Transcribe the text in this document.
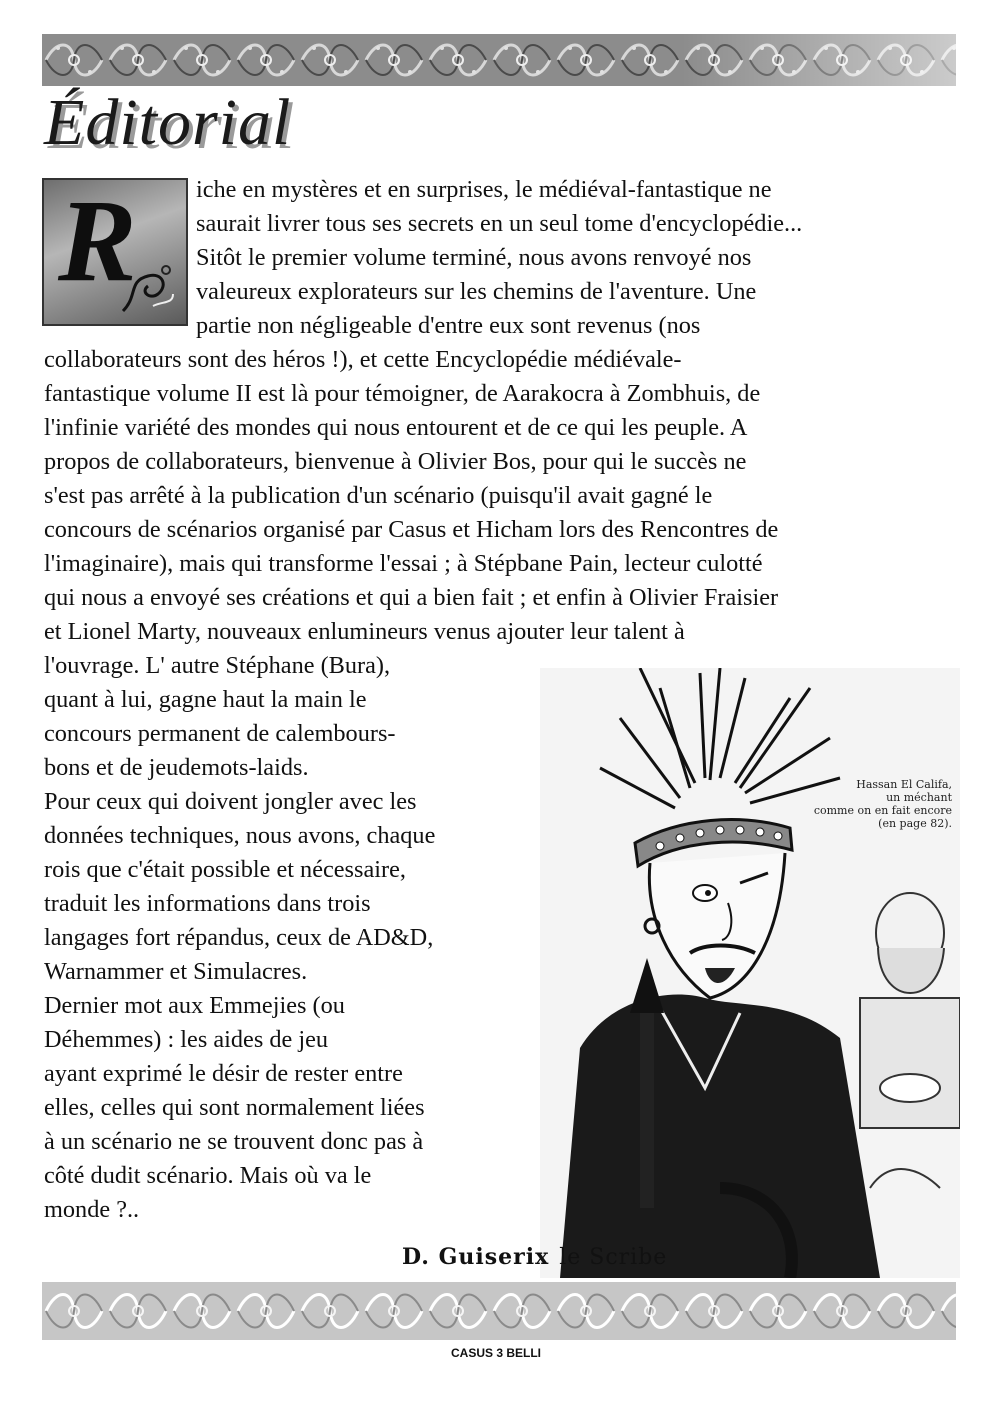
Éditorial
R iche en mystères et en surprises, le médiéval-fantastique ne
saurait livrer tous ses secrets en un seul tome d'encyclopédie...
Sitôt le premier volume terminé, nous avons renvoyé nos
valeureux explorateurs sur les chemins de l'aventure. Une
partie non négligeable d'entre eux sont revenus (nos
collaborateurs sont des héros !), et cette Encyclopédie médiévale-
fantastique volume II est là pour témoigner, de Aarakocra à Zombhuis, de
l'infinie variété des mondes qui nous entourent et de ce qui les peuple. A
propos de collaborateurs, bienvenue à Olivier Bos, pour qui le succès ne
s'est pas arrêté à la publication d'un scénario (puisqu'il avait gagné le
concours de scénarios organisé par Casus et Hicham lors des Rencontres de
l'imaginaire), mais qui transforme l'essai ; à Stépbane Pain, lecteur culotté
qui nous a envoyé ses créations et qui a bien fait ; et enfin à Olivier Fraisier
et Lionel Marty, nouveaux enlumineurs venus ajouter leur talent à
l'ouvrage. L' autre Stéphane (Bura),
quant à lui, gagne haut la main le
concours permanent de calembours-
bons et de jeudemots-laids.
Pour ceux qui doivent jongler avec les
données techniques, nous avons, chaque
rois que c'était possible et nécessaire,
traduit les informations dans trois
langages fort répandus, ceux de AD&D,
Warnammer et Simulacres.
Dernier mot aux Emmejies (ou
Déhemmes) : les aides de jeu
ayant exprimé le désir de rester entre
elles, celles qui sont normalement liées
à un scénario ne se trouvent donc pas à
côté dudit scénario. Mais où va le
monde ?..
Hassan El Califa,
un méchant
comme on en fait encore
(en page 82).
D. Guiserix le Scribe
CASUS 3 BELLI
